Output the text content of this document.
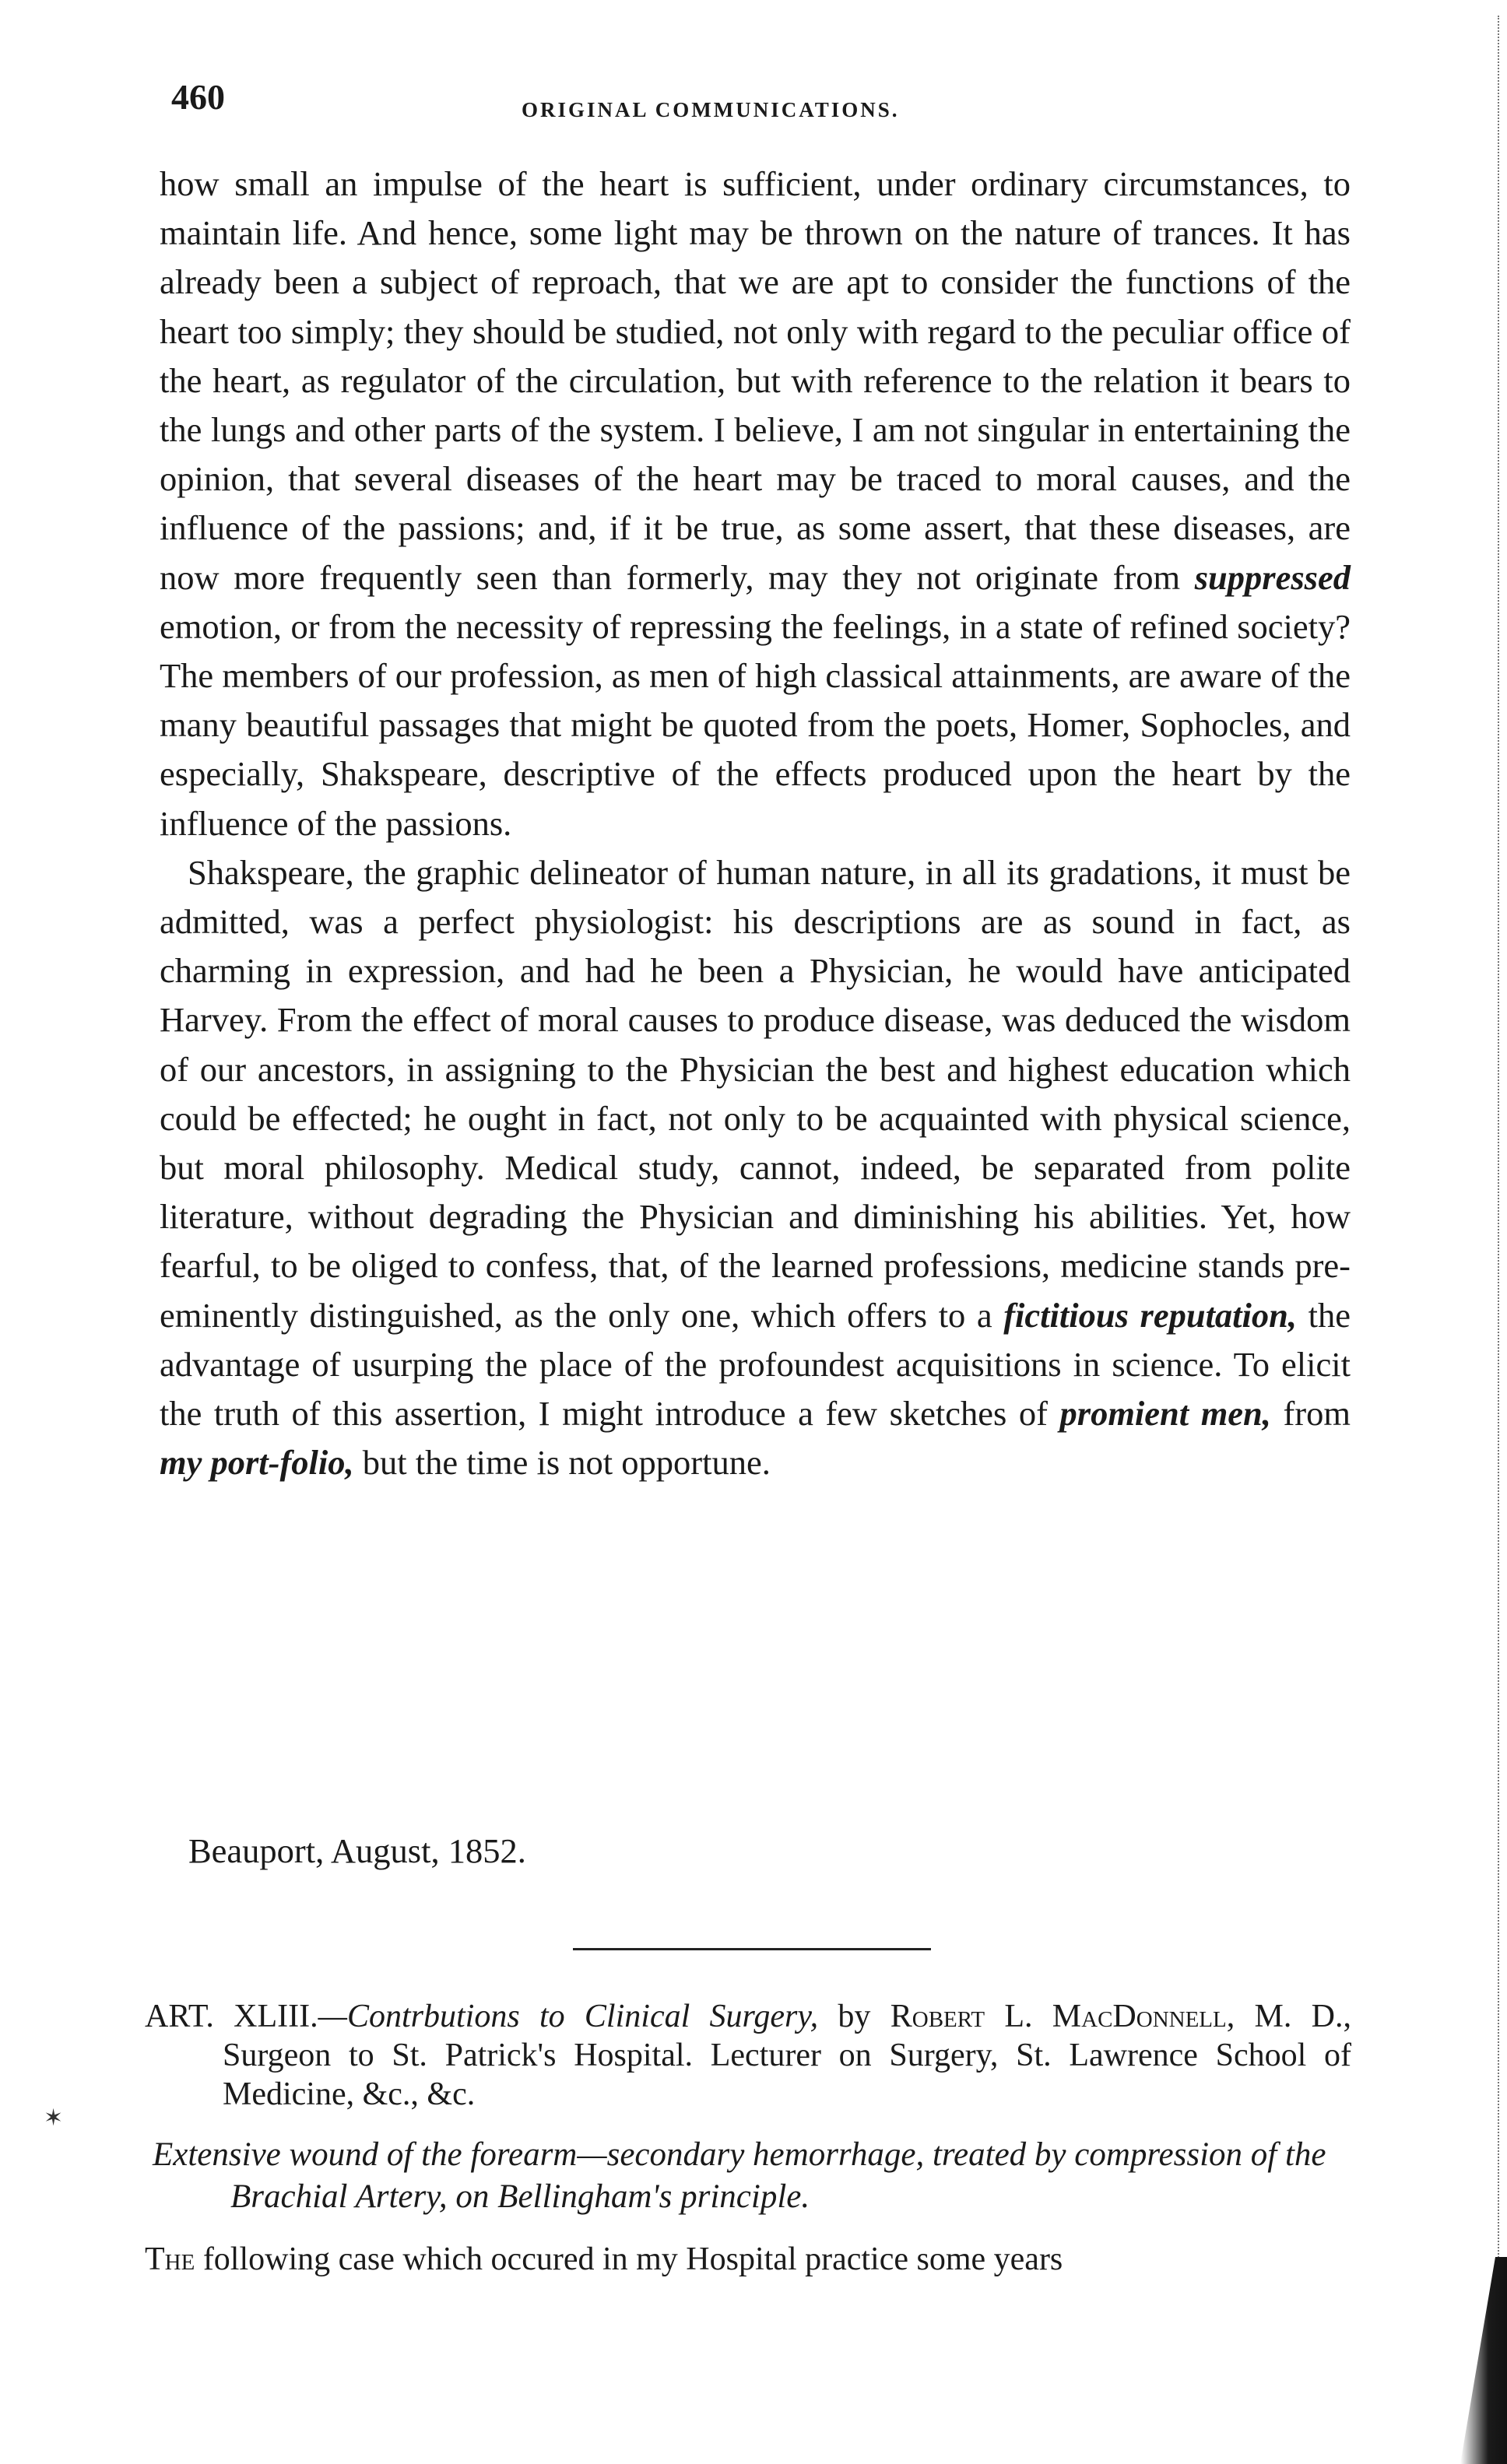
460	ORIGINAL COMMUNICATIONS.

how small an impulse of the heart is sufficient, under ordinary circumstances, to maintain life. And hence, some light may be thrown on the nature of trances. It has already been a subject of reproach, that we are apt to consider the functions of the heart too simply; they should be studied, not only with regard to the peculiar office of the heart, as regulator of the circulation, but with reference to the relation it bears to the lungs and other parts of the system. I believe, I am not singular in entertaining the opinion, that several diseases of the heart may be traced to moral causes, and the influence of the passions; and, if it be true, as some assert, that these diseases, are now more frequently seen than formerly, may they not originate from suppressed emotion, or from the necessity of repressing the feelings, in a state of refined society? The members of our profession, as men of high classical attainments, are aware of the many beautiful passages that might be quoted from the poets, Homer, Sophocles, and especially, Shakspeare, descriptive of the effects produced upon the heart by the influence of the passions.

Shakspeare, the graphic delineator of human nature, in all its gradations, it must be admitted, was a perfect physiologist: his descriptions are as sound in fact, as charming in expression, and had he been a Physician, he would have anticipated Harvey. From the effect of moral causes to produce disease, was deduced the wisdom of our ancestors, in assigning to the Physician the best and highest education which could be effected; he ought in fact, not only to be acquainted with physical science, but moral philosophy. Medical study, cannot, indeed, be separated from polite literature, without degrading the Physician and diminishing his abilities. Yet, how fearful, to be oliged to confess, that, of the learned professions, medicine stands pre-eminently distinguished, as the only one, which offers to a fictitious reputation, the advantage of usurping the place of the profoundest acquisitions in science. To elicit the truth of this assertion, I might introduce a few sketches of promient men, from my port-folio, but the time is not opportune.

Beauport, August, 1852.

ART. XLIII.—Contrbutions to Clinical Surgery, by Robert L. MacDonnell, M. D., Surgeon to St. Patrick's Hospital. Lecturer on Surgery, St. Lawrence School of Medicine, &c., &c.

Extensive wound of the forearm—secondary hemorrhage, treated by compression of the Brachial Artery, on Bellingham's principle.

The following case which occured in my Hospital practice some years

✶
